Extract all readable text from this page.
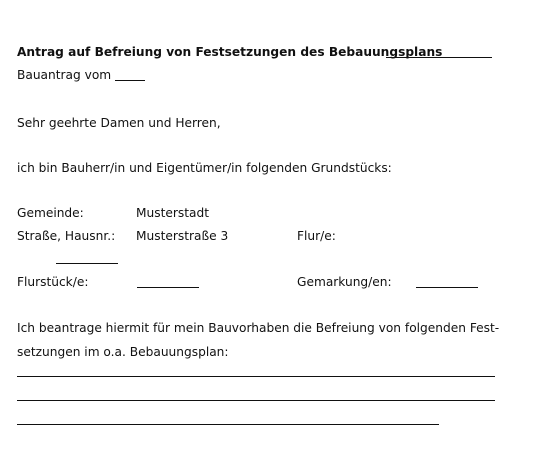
Antrag auf Befreiung von Festsetzungen des Bebauungsplans
Bauantrag vom
Sehr geehrte Damen und Herren,
ich bin Bauherr/in und Eigentümer/in folgenden Grundstücks:
Gemeinde:	Musterstadt
Straße, Hausnr.: Musterstraße 3	Flur/e:
Flurstück/e:	Gemarkung/en:
Ich beantrage hiermit für mein Bauvorhaben die Befreiung von folgenden Fest-
setzungen im o.a. Bebauungsplan:
